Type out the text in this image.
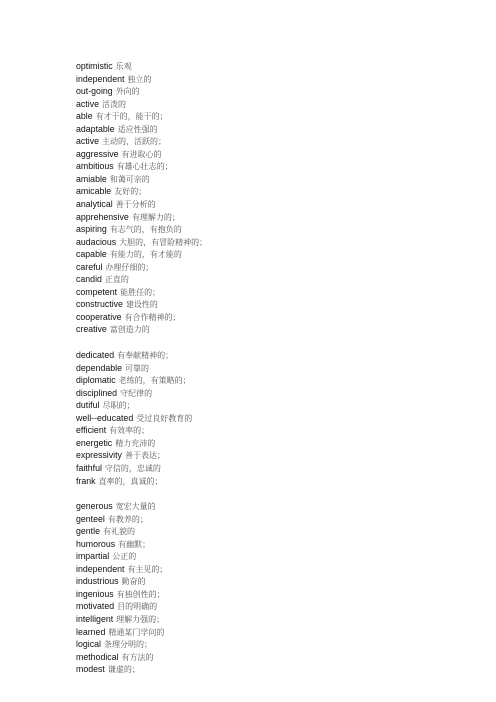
optimistic 乐观
independent 独立的
out-going 外向的
active 活泼的
able 有才干的，能干的；
adaptable 适应性强的
active 主动的，活跃的；
aggressive 有进取心的
ambitious 有雄心壮志的；
amiable 和蔼可亲的
amicable 友好的；
analytical 善于分析的
apprehensive 有理解力的；
aspiring 有志气的，有抱负的
audacious 大胆的，有冒险精神的；
capable 有能力的，有才能的
careful 办理仔细的；
candid 正直的
competent 能胜任的；
constructive 建设性的
cooperative 有合作精神的；
creative 富创造力的
dedicated 有奉献精神的；
dependable 可靠的
diplomatic 老练的，有策略的；
disciplined 守纪律的
dutiful 尽职的；
well--educated 受过良好教育的
efficient 有效率的；
energetic 精力充沛的
expressivity 善于表达；
faithful 守信的，忠诚的
frank 直率的，真诚的；
generous 宽宏大量的
genteel 有教养的；
gentle 有礼貌的
humorous 有幽默；
impartial 公正的
independent 有主见的；
industrious 勤奋的
ingenious 有独创性的；
motivated 目的明确的
intelligent 理解力强的；
learned 精通某门学问的
logical 条理分明的；
methodical 有方法的
modest 谦虚的；
